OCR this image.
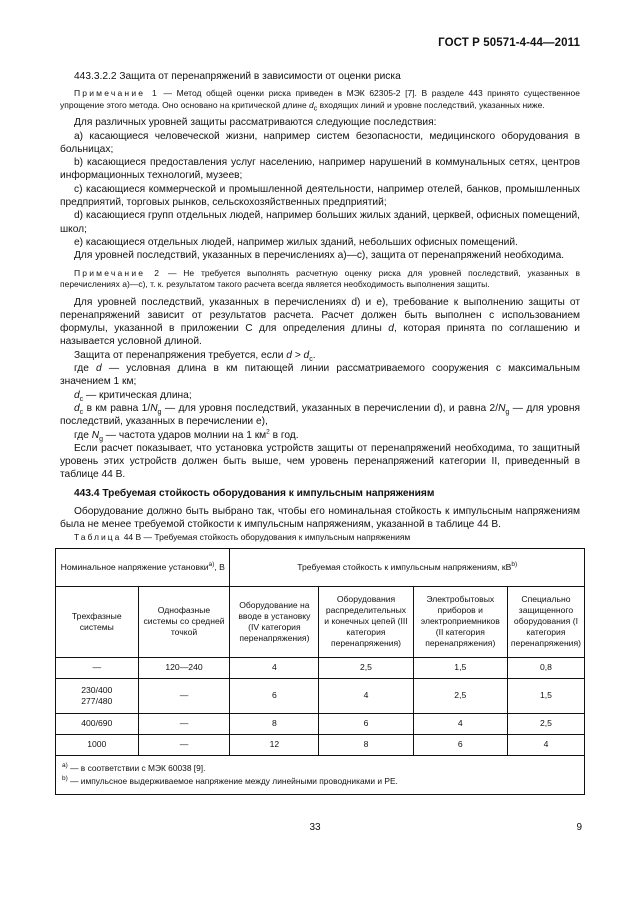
ГОСТ Р 50571-4-44—2011

443.3.2.2 Защита от перенапряжений в зависимости от оценки риска

Примечание 1 — Метод общей оценки риска приведен в МЭК 62305-2 [7]. В разделе 443 принято существенное упрощение этого метода. Оно основано на критической длине $d_c$ входящих линий и уровне последствий, указанных ниже.

Для различных уровней защиты рассматриваются следующие последствия:

а) касающиеся человеческой жизни, например систем безопасности, медицинского оборудования в больницах;

b) касающиеся предоставления услуг населению, например нарушений в коммунальных сетях, центров информационных технологий, музеев;

c) касающиеся коммерческой и промышленной деятельности, например отелей, банков, промышленных предприятий, торговых рынков, сельскохозяйственных предприятий;

d) касающиеся групп отдельных людей, например больших жилых зданий, церквей, офисных помещений, школ;

e) касающиеся отдельных людей, например жилых зданий, небольших офисных помещений.

Для уровней последствий, указанных в перечислениях а)—с), защита от перенапряжений необходима.

Примечание 2 — Не требуется выполнять расчетную оценку риска для уровней последствий, указанных в перечислениях а)—с), т. к. результатом такого расчета всегда является необходимость выполнения защиты.

Для уровней последствий, указанных в перечислениях d) и e), требование к выполнению защиты от перенапряжений зависит от результатов расчета. Расчет должен быть выполнен с использованием формулы, указанной в приложении С для определения длины d, которая принята по соглашению и называется условной длиной.

Защита от перенапряжения требуется, если $d > d_c$.

где d — условная длина в км питающей линии рассматриваемого сооружения с максимальным значением 1 км;

$d_c$ — критическая длина;

$d_c$ в км равна $1/N_g$ — для уровня последствий, указанных в перечислении d), и равна $2/N_g$ — для уровня последствий, указанных в перечислении e),

где $N_g$ — частота ударов молнии на 1 $км^2$ в год.

Если расчет показывает, что установка устройств защиты от перенапряжений необходима, то защитный уровень этих устройств должен быть выше, чем уровень перенапряжений категории II, приведенный в таблице 44 В.

443.4 Требуемая стойкость оборудования к импульсным напряжениям

Оборудование должно быть выбрано так, чтобы его номинальная стойкость к импульсным напряжениям была не менее требуемой стойкости к импульсным напряжениям, указанной в таблице 44 В.

Таблица 44 В — Требуемая стойкость оборудования к импульсным напряжениям

Номинальное напряжение установки$^{а)}$, В		Требуемая стойкость к импульсным напряжениям, $кВ^{b)}$
Трехфазные системы	Однофазные системы со средней точкой	Оборудование на вводе в установку (IV категория перенапряжения)	Оборудования распределительных и конечных цепей (III категория перенапряжения)	Электробытовых приборов и электроприемников (II категория перенапряжения)	Специально защищенного оборудования (I категория перенапряжения)
—	120—240	4	2,5	1,5	0,8

230/400
277/480	—	6	4	2,5	1,5
400/690	—	8	6	4	2,5
1000	—	12	8	6	4

$^{а)}$ — в соответствии с МЭК 60038 [9].
$^{b)}$ — импульсное выдерживаемое напряжение между линейными проводниками и РЕ.					
33	9
